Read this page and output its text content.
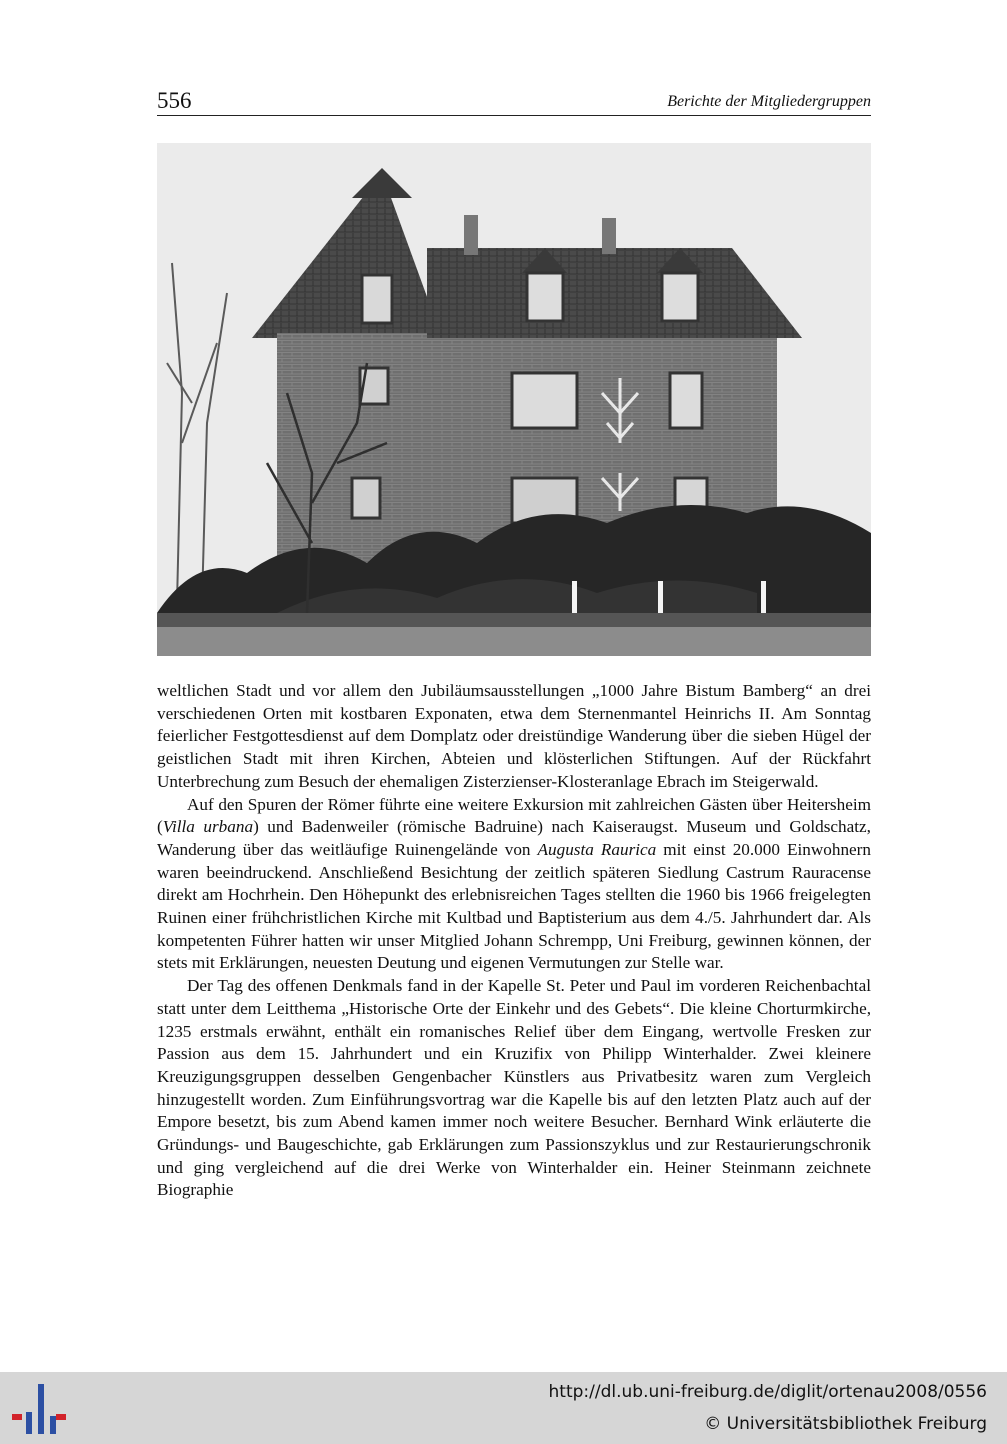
556	Berichte der Mitgliedergruppen

weltlichen Stadt und vor allem den Jubiläumsausstellungen „1000 Jahre Bistum Bamberg“ an drei verschiedenen Orten mit kostbaren Exponaten, etwa dem Sternenmantel Heinrichs II. Am Sonntag feierlicher Festgottesdienst auf dem Domplatz oder dreistündige Wanderung über die sieben Hügel der geistlichen Stadt mit ihren Kirchen, Abteien und klösterlichen Stiftungen. Auf der Rückfahrt Unterbrechung zum Besuch der ehemaligen Zisterzienser-Klosteranlage Ebrach im Steigerwald.

Auf den Spuren der Römer führte eine weitere Exkursion mit zahlreichen Gästen über Heitersheim (Villa urbana) und Badenweiler (römische Badruine) nach Kaiseraugst. Museum und Goldschatz, Wanderung über das weitläufige Ruinengelände von Augusta Raurica mit einst 20.000 Einwohnern waren beeindruckend. Anschließend Besichtung der zeitlich späteren Siedlung Castrum Rauracense direkt am Hochrhein. Den Höhepunkt des erlebnisreichen Tages stellten die 1960 bis 1966 freigelegten Ruinen einer frühchristlichen Kirche mit Kultbad und Baptisterium aus dem 4./5. Jahrhundert dar. Als kompetenten Führer hatten wir unser Mitglied Johann Schrempp, Uni Freiburg, gewinnen können, der stets mit Erklärungen, neuesten Deutung und eigenen Vermutungen zur Stelle war.

Der Tag des offenen Denkmals fand in der Kapelle St. Peter und Paul im vorderen Reichenbachtal statt unter dem Leitthema „Historische Orte der Einkehr und des Gebets“. Die kleine Chorturmkirche, 1235 erstmals erwähnt, enthält ein romanisches Relief über dem Eingang, wertvolle Fresken zur Passion aus dem 15. Jahrhundert und ein Kruzifix von Philipp Winterhalder. Zwei kleinere Kreuzigungsgruppen desselben Gengenbacher Künstlers aus Privatbesitz waren zum Vergleich hinzugestellt worden. Zum Einführungsvortrag war die Kapelle bis auf den letzten Platz auch auf der Empore besetzt, bis zum Abend kamen immer noch weitere Besucher. Bernhard Wink erläuterte die Gründungs- und Baugeschichte, gab Erklärungen zum Passionszyklus und zur Restaurierungschronik und ging vergleichend auf die drei Werke von Winterhalder ein. Heiner Steinmann zeichnete Biographie

http://dl.ub.uni-freiburg.de/diglit/ortenau2008/0556
© Universitätsbibliothek Freiburg
